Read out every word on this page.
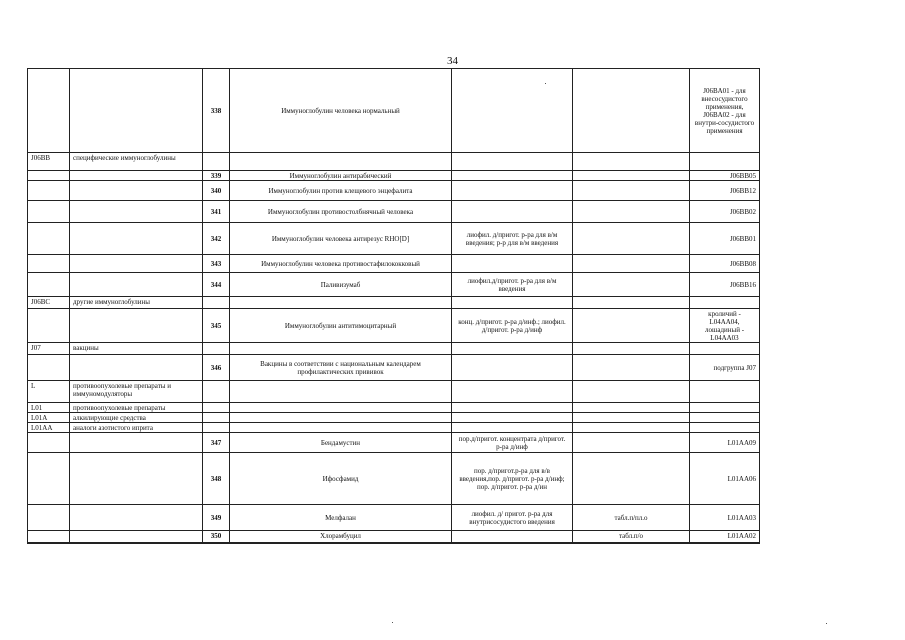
34
		338	Иммуноглобулин человека нормальный			J06BA01 - для внесосудистого применения, J06BA02 - для внутри-сосудистого применения
J06BB	специфические иммуноглобулины					
		339	Иммуноглобулин антирабический			J06BB05
		340	Иммуноглобулин против клещевого энцефалита			J06BB12
		341	Иммуноглобулин противостолбнячный человека			J06BB02
		342	Иммуноглобулин человека антирезус RHO[D]	лиофил. д/пригот. р-ра для в/м введения; р-р для в/м введения		J06BB01
		343	Иммуноглобулин человека противостафилококковый			J06BB08
		344	Паливизумаб	лиофил.д/пригот. р-ра для в/м введения		J06BB16
J06BC	другие иммуноглобулины					
		345	Иммуноглобулин антитимоцитарный	конц. д/пригот. р-ра д/инф.; лиофил. д/пригот. р-ра д/инф		кроличий - L04AA04, лошадиный - L04AA03
J07	вакцины					
		346	Вакцины в соответствии с национальным календарем профилактических прививок			подгруппа J07
L	противоопухолевые препараты и иммуномодуляторы					
L01	противоопухолевые препараты					
L01A	алкилирующие средства					
L01AA	аналоги азотистого иприта					
		347	Бендамустин	пор.д/пригот. концентрата д/пригот. р-ра д/инф		L01AA09
		348	Ифосфамид	пор. д/пригот.р-ра для в/в введения,пор. д/пригот. р-ра д/инф; пор. д/пригот. р-ра д/ин		L01AA06
		349	Мелфалан	лиофил. д/ пригот. р-ра для внутрисосудистого введения	табл.п/пл.о	L01AA03
		350	Хлорамбуцил		табл.п/о	L01AA02
